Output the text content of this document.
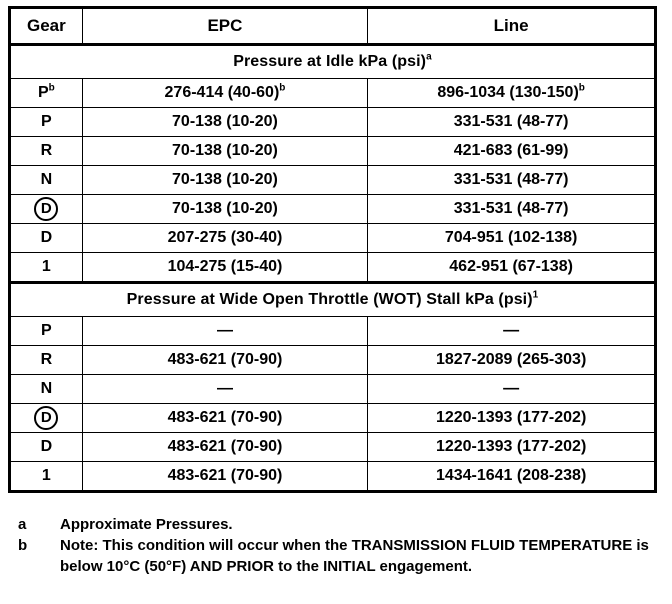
Gear	EPC	Line
Pressure at Idle kPa (psi)$^a$
$P^b$	276-414 $(40-60)^b$	896-1034 $(130-150)^b$
P	70-138 (10-20)	331-531 (48-77)
R	70-138 (10-20)	421-683 (61-99)
N	70-138 (10-20)	331-531 (48-77)
D	70-138 (10-20)	331-531 (48-77)
D	207-275 (30-40)	704-951 (102-138)
1	104-275 (15-40)	462-951 (67-138)
Pressure at Wide Open Throttle (WOT) Stall kPa (psi)$^1$
P	—	—
R	483-621 (70-90)	1827-2089 (265-303)
N	—	—
D	483-621 (70-90)	1220-1393 (177-202)
D	483-621 (70-90)	1220-1393 (177-202)
1	483-621 (70-90)	1434-1641 (208-238)
a	Approximate Pressures.
b	Note: This condition will occur when the TRANSMISSION FLUID TEMPERATURE is below 10°C (50°F) AND PRIOR to the INITIAL engagement.
